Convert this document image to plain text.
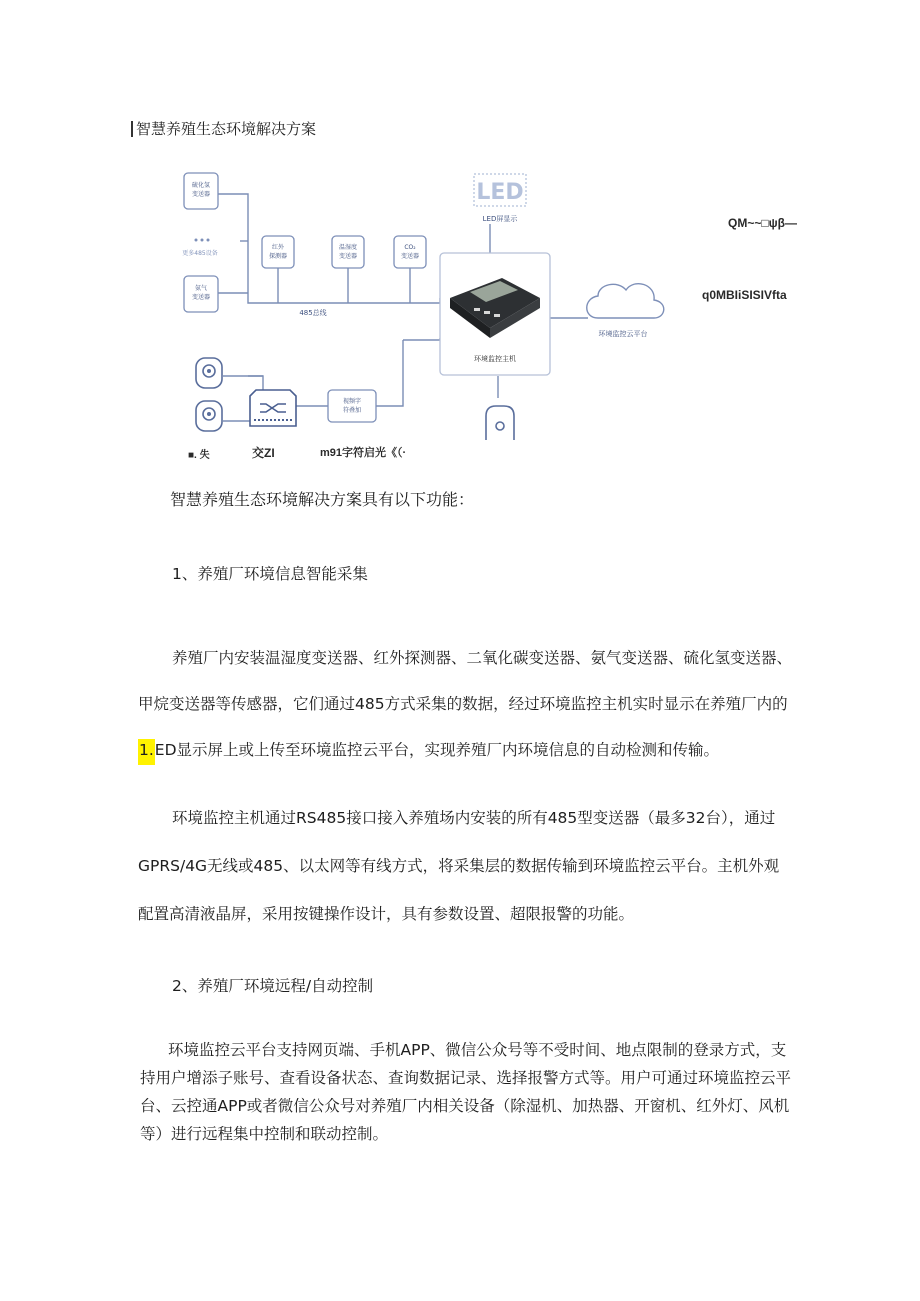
智慧养殖生态环境解决方案
硫化氢
变送器
更多485设备
氨气
变送器
红外
探测器
温湿度
变送器
CO₂
变送器
LED
LED屏显示
485总线
环境监控主机
环境监控云平台
视频字
符叠加
■. 失	交ZI	m91字符启光《（·
QM~~□ψβ—
q0MBIiSISIVfta
智慧养殖生态环境解决方案具有以下功能：
1、养殖厂环境信息智能采集
养殖厂内安装温湿度变送器、红外探测器、二氧化碳变送器、氨气变送器、硫化氢变送器、
甲烷变送器等传感器，它们通过485方式采集的数据，经过环境监控主机实时显示在养殖厂内的
1.ED显示屏上或上传至环境监控云平台，实现养殖厂内环境信息的自动检测和传输。
环境监控主机通过RS485接口接入养殖场内安装的所有485型变送器（最多32台），通过
GPRS/4G无线或485、以太网等有线方式，将采集层的数据传输到环境监控云平台。主机外观
配置高清液晶屏，采用按键操作设计，具有参数设置、超限报警的功能。
2、养殖厂环境远程/自动控制
环境监控云平台支持网页端、手机APP、微信公众号等不受时间、地点限制的登录方式，支持用户增添子账号、查看设备状态、查询数据记录、选择报警方式等。用户可通过环境监控云平台、云控通APP或者微信公众号对养殖厂内相关设备（除湿机、加热器、开窗机、红外灯、风机等）进行远程集中控制和联动控制。
